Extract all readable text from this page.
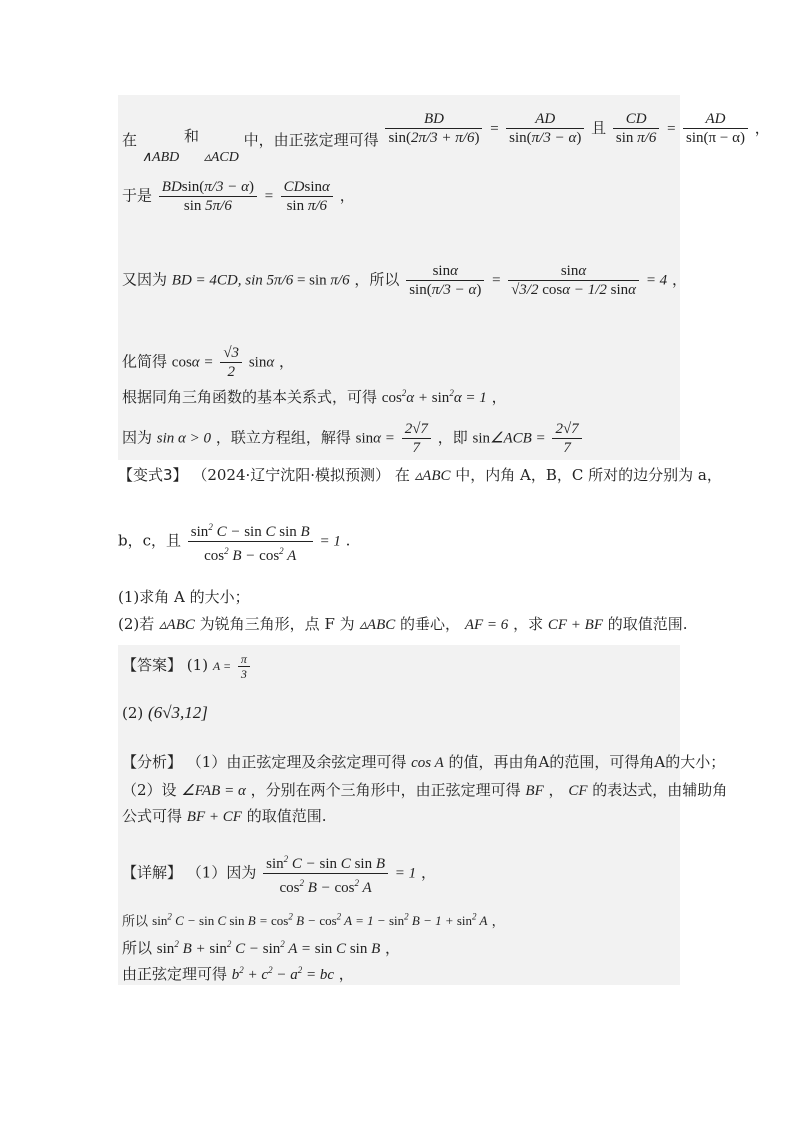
在 ∧ABD 和 ▵ACD 中，由正弦定理可得 $\frac{BD}{\sin(2\pi/3 + \pi/6)} = \frac{AD}{\sin(\pi/3 - \alpha)}$ 且 $\frac{CD}{\text{sin π/6}} = \frac{AD}{\sin(\pi - \alpha)}$ ，
于是 $\frac{BDsin(\pi/3 - \alpha)}{\sin 5\pi/6} = \frac{CDsin\alpha}{\text{sin π/6}}$ ，
又因为 BD = 4CD, sin 5π/6 = sin π/6 ，所以 $\frac{\sin\alpha}{\sin(\pi/3 - \alpha)} = \frac{\sin\alpha}{√3/2 \cos\alpha - 1/2 \sin\alpha} = 4$ ，
化简得 $\cos\alpha = \frac{√3}{2}$ sinα ，
根据同角三角函数的基本关系式，可得 $\cos^2\alpha + \sin^2\alpha = 1$ ，
因为 sin α > 0 ，联立方程组，解得 $\sin\alpha = \frac{2√7}{7}$ ，即 sin∠ACB = $\frac{2√7}{7}$
【变式3】 （2024·辽宁沈阳·模拟预测） 在 ▵ABC 中，内角 A，B，C 所对的边分别为 a，
b，c，且 $\frac{\sin^2 C - \sin C \sin B}{\cos^2 B - \cos^2 A} = 1$ .
(1)求角 A 的大小；
(2)若 ▵ABC 为锐角三角形，点 F 为 ▵ABC 的垂心， AF = 6 ，求 CF + BF 的取值范围.
【答案】 (1) $A = \frac{\pi}{3}$
(2) (6√3,12]
【分析】 （1）由正弦定理及余弦定理可得 cos A 的值，再由角A的范围，可得角A的大小；
（2）设 ∠FAB = α ，分别在两个三角形中，由正弦定理可得 BF ， CF 的表达式，由辅助角
公式可得 BF + CF 的取值范围.
【详解】 （1）因为 $\frac{\sin^2 C - \sin C \sin B}{\cos^2 B - \cos^2 A} = 1$ ，
所以 $\sin^2 C - \sin C$ $\sin B = \cos^2 B - \cos^2 A = 1 - \sin^2 B - 1 + \sin^2 A$ ，
所以 $\sin^2 B + \sin^2 C - \sin^2 A = \sin C$ sin B ，
由正弦定理可得 $b^2 + c^2 - a^2$ = bc ，
